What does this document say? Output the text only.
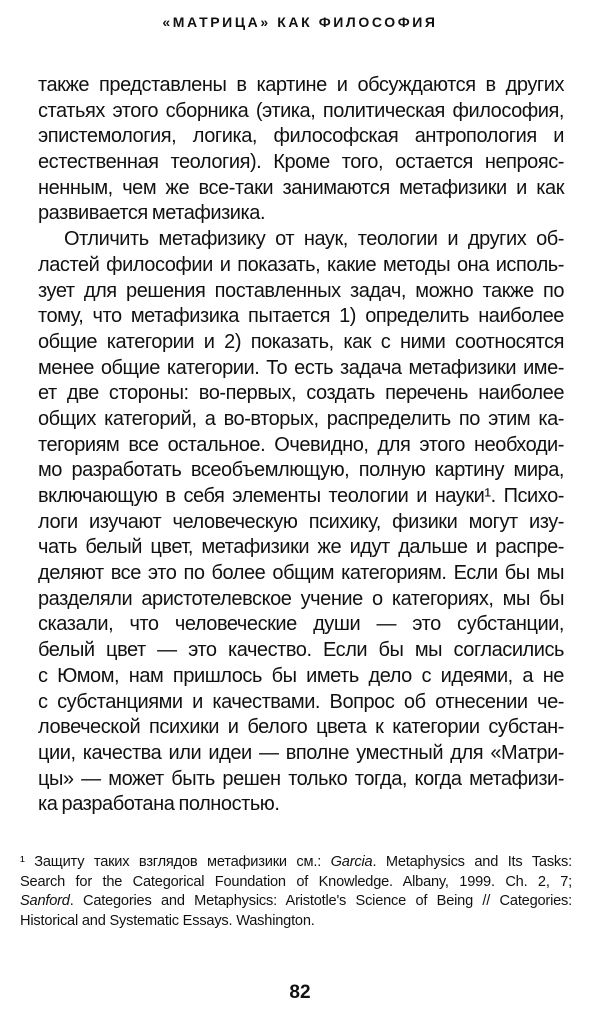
«МАТРИЦА» КАК ФИЛОСОФИЯ
также представлены в картине и обсуждаются в других
статьях этого сборника (этика, политическая философия,
эпистемология, логика, философская антропология и
естественная теология). Кроме того, остается непрояс-
ненным, чем же все-таки занимаются метафизики и как
развивается метафизика.
Отличить метафизику от наук, теологии и других об-
ластей философии и показать, какие методы она исполь-
зует для решения поставленных задач, можно также по
тому, что метафизика пытается 1) определить наиболее
общие категории и 2) показать, как с ними соотносятся
менее общие категории. То есть задача метафизики име-
ет две стороны: во-первых, создать перечень наиболее
общих категорий, а во-вторых, распределить по этим ка-
тегориям все остальное. Очевидно, для этого необходи-
мо разработать всеобъемлющую, полную картину мира,
включающую в себя элементы теологии и науки¹. Психо-
логи изучают человеческую психику, физики могут изу-
чать белый цвет, метафизики же идут дальше и распре-
деляют все это по более общим категориям. Если бы мы
разделяли аристотелевское учение о категориях, мы бы
сказали, что человеческие души — это субстанции,
белый цвет — это качество. Если бы мы согласились
с Юмом, нам пришлось бы иметь дело с идеями, а не
с субстанциями и качествами. Вопрос об отнесении че-
ловеческой психики и белого цвета к категории субстан-
ции, качества или идеи — вполне уместный для «Матри-
цы» — может быть решен только тогда, когда метафизи-
ка разработана полностью.
¹ Защиту таких взглядов метафизики см.: Garcia. Metaphysics and Its Tasks:
Search for the Categorical Foundation of Knowledge. Albany, 1999. Ch. 2, 7;
Sanford. Categories and Metaphysics: Aristotle's Science of Being // Categories:
Historical and Systematic Essays. Washington.
82
